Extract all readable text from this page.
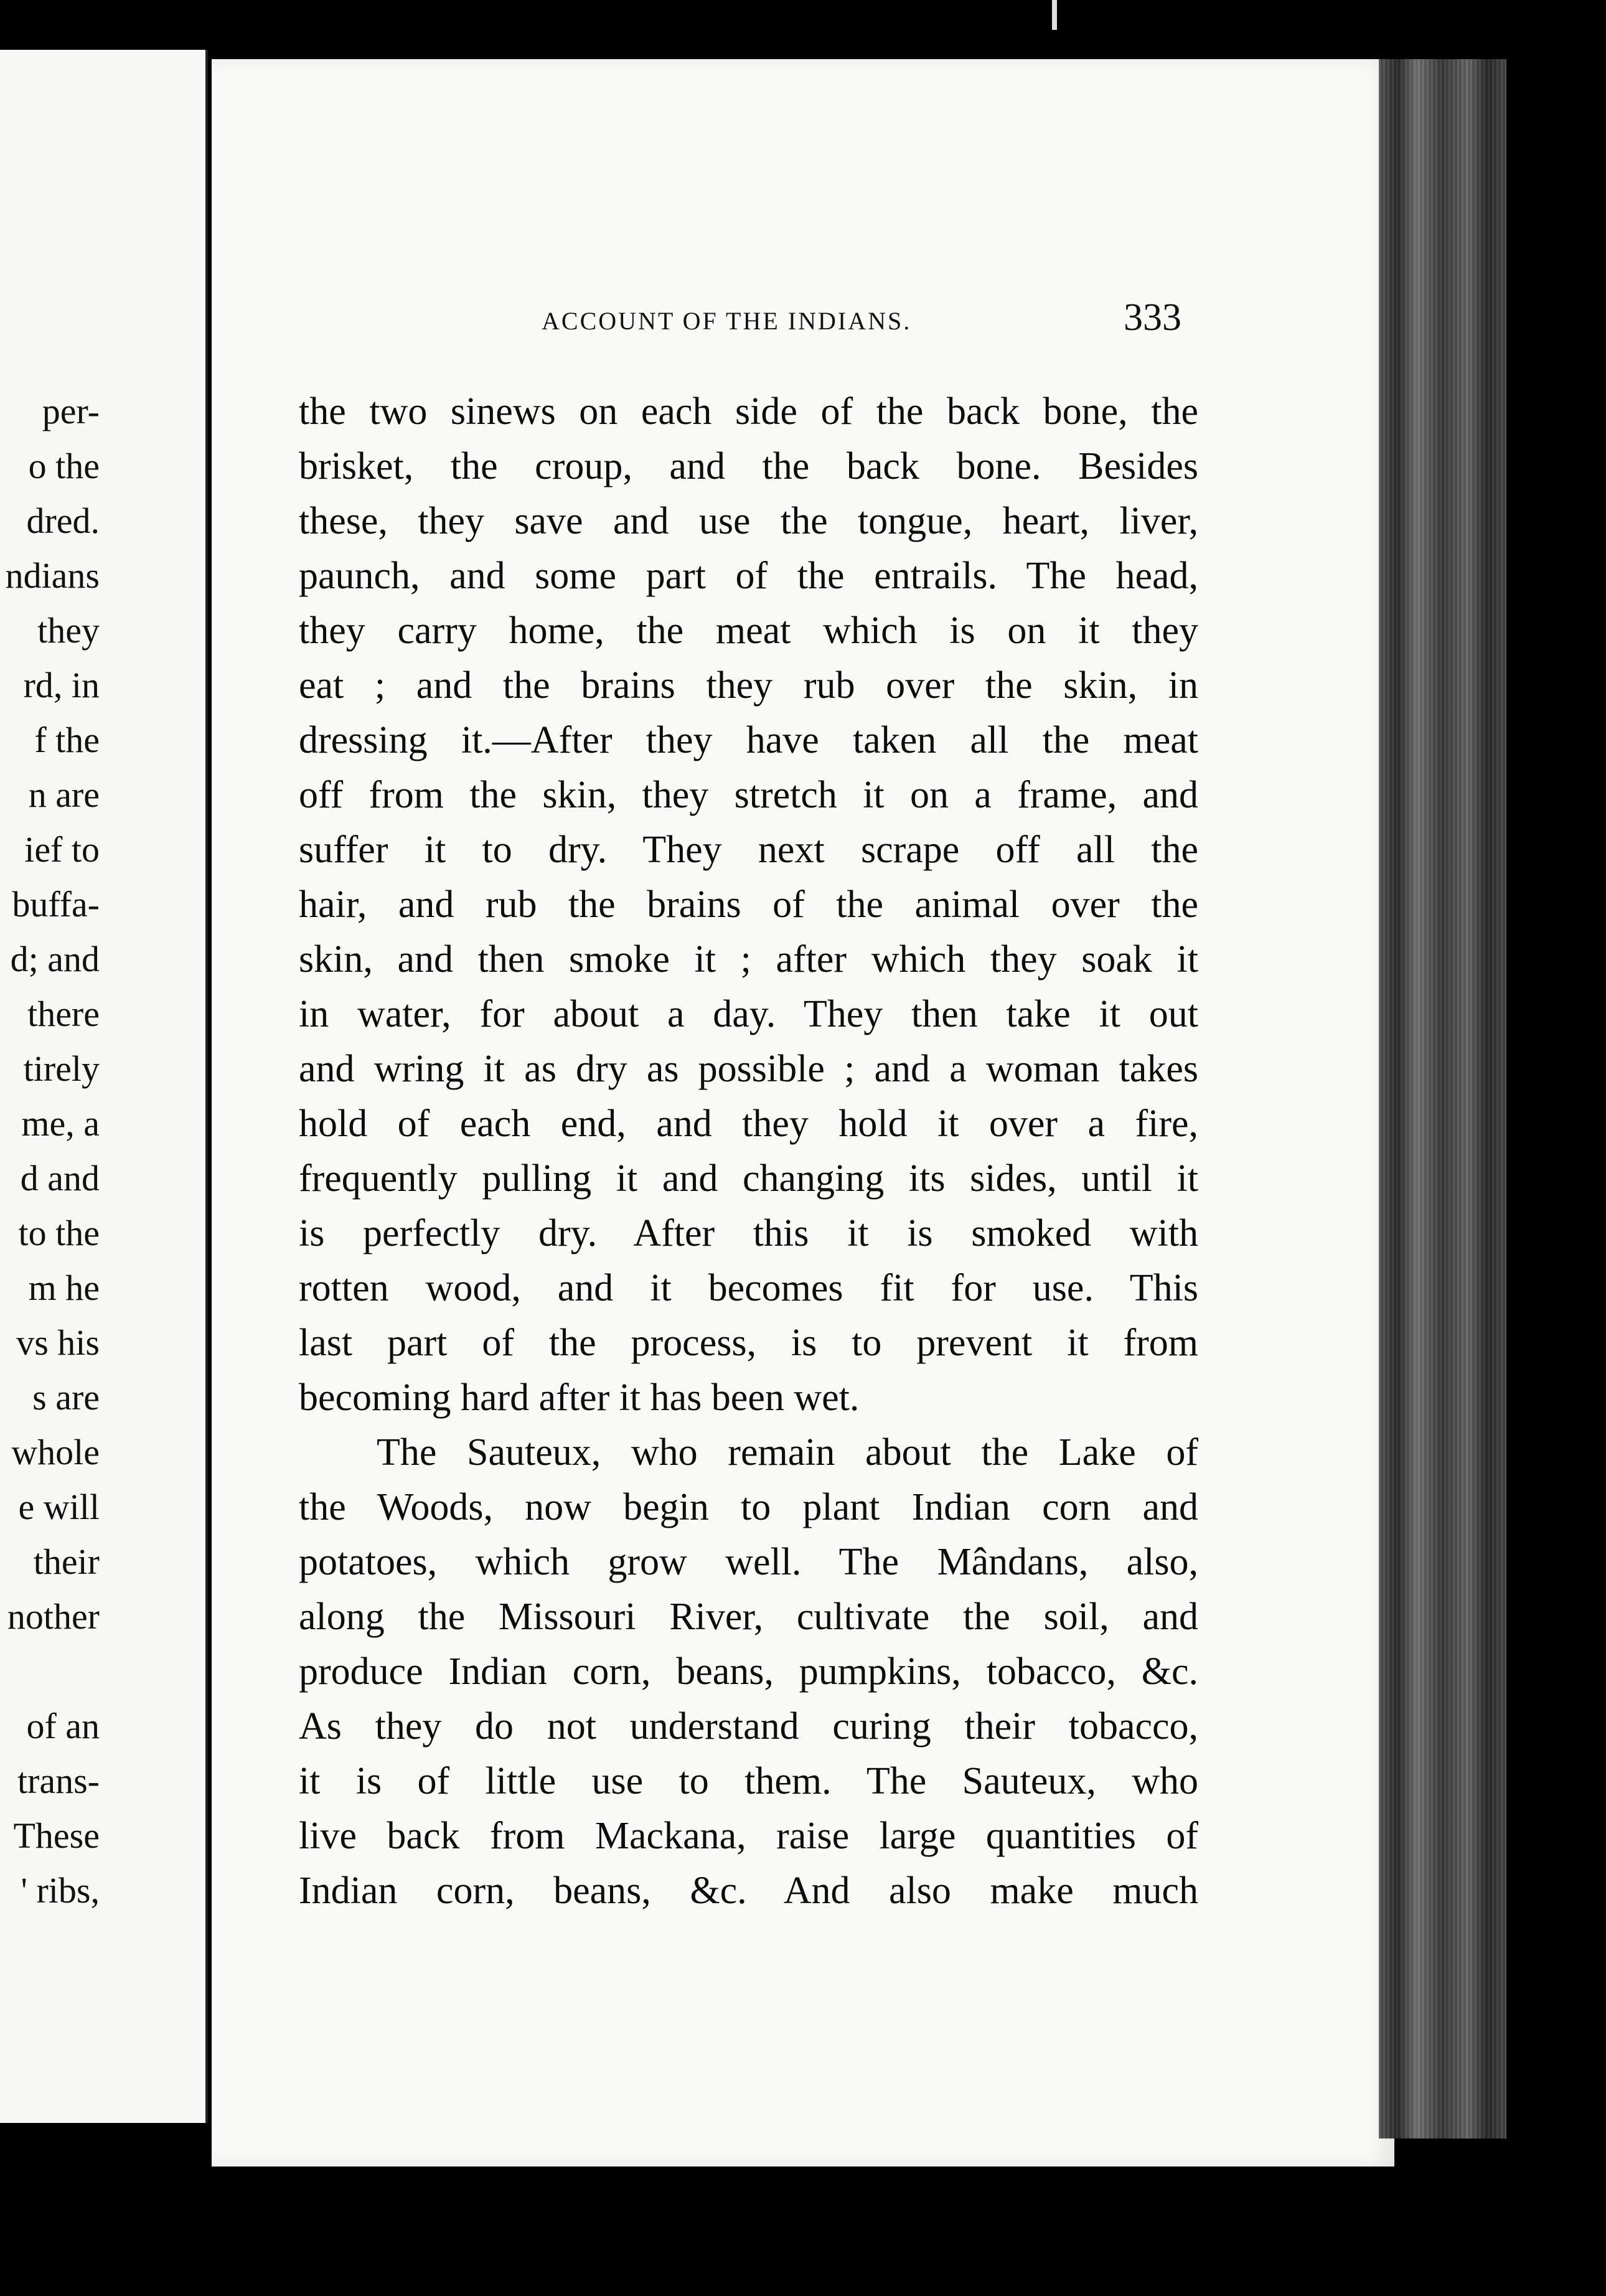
per-
o the
dred.
ndians
they
rd, in
f the
n are
ief to
buffa-
d; and
there
tirely
me, a
d and
to the
m he
vs his
s are
whole
e will
their
nother
of an
trans-
These
' ribs,
ACCOUNT OF THE INDIANS.	333
the two sinews on each side of the back bone, the
brisket, the croup, and the back bone. Besides
these, they save and use the tongue, heart, liver,
paunch, and some part of the entrails. The head,
they carry home, the meat which is on it they
eat ; and the brains they rub over the skin, in
dressing it.—After they have taken all the meat
off from the skin, they stretch it on a frame, and
suffer it to dry. They next scrape off all the
hair, and rub the brains of the animal over the
skin, and then smoke it ; after which they soak it
in water, for about a day. They then take it out
and wring it as dry as possible ; and a woman takes
hold of each end, and they hold it over a fire,
frequently pulling it and changing its sides, until it
is perfectly dry. After this it is smoked with
rotten wood, and it becomes fit for use. This
last part of the process, is to prevent it from
becoming hard after it has been wet.
The Sauteux, who remain about the Lake of
the Woods, now begin to plant Indian corn and
potatoes, which grow well. The Mândans, also,
along the Missouri River, cultivate the soil, and
produce Indian corn, beans, pumpkins, tobacco, &c.
As they do not understand curing their tobacco,
it is of little use to them. The Sauteux, who
live back from Mackana, raise large quantities of
Indian corn, beans, &c. And also make much
